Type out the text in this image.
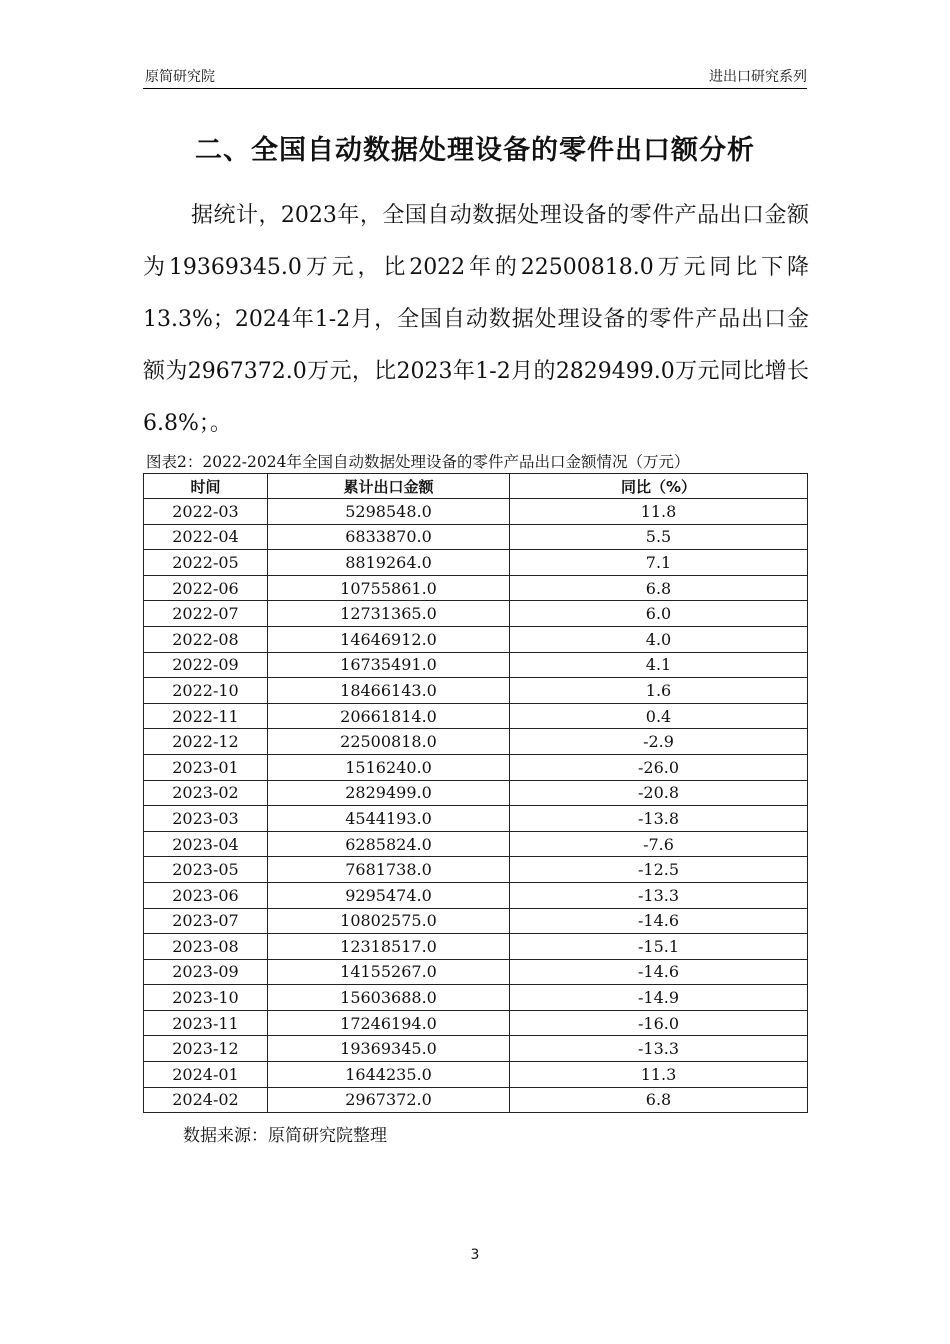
原简研究院	进出口研究系列
二、全国自动数据处理设备的零件出口额分析

据统计，2023年，全国自动数据处理设备的零件产品出口金额为19369345.0万元，比2022年的22500818.0万元同比下降13.3%；2024年1-2月，全国自动数据处理设备的零件产品出口金额为2967372.0万元，比2023年1-2月的2829499.0万元同比增长6.8%；。

图表2：2022-2024年全国自动数据处理设备的零件产品出口金额情况（万元）
时间	累计出口金额	同比（%）
2022-03	5298548.0	11.8
2022-04	6833870.0	5.5
2022-05	8819264.0	7.1
2022-06	10755861.0	6.8
2022-07	12731365.0	6.0
2022-08	14646912.0	4.0
2022-09	16735491.0	4.1
2022-10	18466143.0	1.6
2022-11	20661814.0	0.4
2022-12	22500818.0	-2.9
2023-01	1516240.0	-26.0
2023-02	2829499.0	-20.8
2023-03	4544193.0	-13.8
2023-04	6285824.0	-7.6
2023-05	7681738.0	-12.5
2023-06	9295474.0	-13.3
2023-07	10802575.0	-14.6
2023-08	12318517.0	-15.1
2023-09	14155267.0	-14.6
2023-10	15603688.0	-14.9
2023-11	17246194.0	-16.0
2023-12	19369345.0	-13.3
2024-01	1644235.0	11.3
2024-02	2967372.0	6.8
数据来源：原简研究院整理
3
